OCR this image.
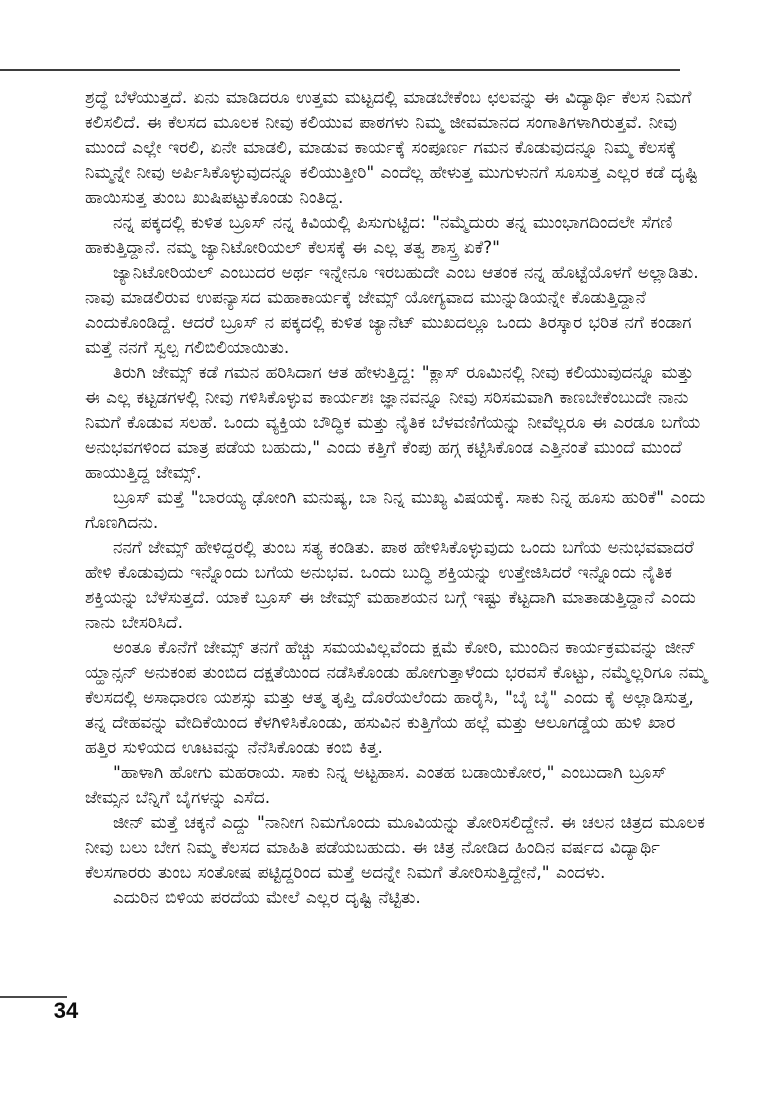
ಶ್ರದ್ಧೆ ಬೆಳೆಯುತ್ತದೆ. ಏನು ಮಾಡಿದರೂ ಉತ್ತಮ ಮಟ್ಟದಲ್ಲಿ ಮಾಡಬೇಕೆಂಬ ಛಲವನ್ನು ಈ ವಿದ್ಯಾರ್ಥಿ ಕೆಲಸ ನಿಮಗೆ ಕಲಿಸಲಿದೆ. ಈ ಕೆಲಸದ ಮೂಲಕ ನೀವು ಕಲಿಯುವ ಪಾಠಗಳು ನಿಮ್ಮ ಜೀವಮಾನದ ಸಂಗಾತಿಗಳಾಗಿರುತ್ತವೆ. ನೀವು ಮುಂದೆ ಎಲ್ಲೇ ಇರಲಿ, ಏನೇ ಮಾಡಲಿ, ಮಾಡುವ ಕಾರ್ಯಕ್ಕೆ ಸಂಪೂರ್ಣ ಗಮನ ಕೊಡುವುದನ್ನೂ ನಿಮ್ಮ ಕೆಲಸಕ್ಕೆ ನಿಮ್ಮನ್ನೇ ನೀವು ಅರ್ಪಿಸಿಕೊಳ್ಳುವುದನ್ನೂ ಕಲಿಯುತ್ತೀರಿ" ಎಂದೆಲ್ಲ ಹೇಳುತ್ತ ಮುಗುಳುನಗೆ ಸೂಸುತ್ತ ಎಲ್ಲರ ಕಡೆ ದೃಷ್ಟಿ ಹಾಯಿಸುತ್ತ ತುಂಬ ಖುಷಿಪಟ್ಟುಕೊಂಡು ನಿಂತಿದ್ದ.

ನನ್ನ ಪಕ್ಕದಲ್ಲಿ ಕುಳಿತ ಬ್ರೂಸ್ ನನ್ನ ಕಿವಿಯಲ್ಲಿ ಪಿಸುಗುಟ್ಟಿದ: "ನಮ್ಮೆದುರು ತನ್ನ ಮುಂಭಾಗದಿಂದಲೇ ಸೆಗಣಿ ಹಾಕುತ್ತಿದ್ದಾನೆ. ನಮ್ಮ ಜ್ಯಾನಿಟೋರಿಯಲ್ ಕೆಲಸಕ್ಕೆ ಈ ಎಲ್ಲ ತತ್ವ ಶಾಸ್ತ್ರ ಏಕೆ?"

ಜ್ಯಾನಿಟೋರಿಯಲ್ ಎಂಬುದರ ಅರ್ಥ ಇನ್ನೇನೂ ಇರಬಹುದೇ ಎಂಬ ಆತಂಕ ನನ್ನ ಹೊಟ್ಟೆಯೊಳಗೆ ಅಲ್ಲಾಡಿತು. ನಾವು ಮಾಡಲಿರುವ ಉಪನ್ಯಾಸದ ಮಹಾಕಾರ್ಯಕ್ಕೆ ಜೇಮ್ಸ್ ಯೋಗ್ಯವಾದ ಮುನ್ನುಡಿಯನ್ನೇ ಕೊಡುತ್ತಿದ್ದಾನೆ ಎಂದುಕೊಂಡಿದ್ದೆ. ಆದರೆ ಬ್ರೂಸ್ ನ ಪಕ್ಕದಲ್ಲಿ ಕುಳಿತ ಜ್ಯಾನೆಟ್ ಮುಖದಲ್ಲೂ ಒಂದು ತಿರಸ್ಕಾರ ಭರಿತ ನಗೆ ಕಂಡಾಗ ಮತ್ತೆ ನನಗೆ ಸ್ವಲ್ಪ ಗಲಿಬಿಲಿಯಾಯಿತು.

ತಿರುಗಿ ಜೇಮ್ಸ್ ಕಡೆ ಗಮನ ಹರಿಸಿದಾಗ ಆತ ಹೇಳುತ್ತಿದ್ದ: "ಕ್ಲಾಸ್ ರೂಮಿನಲ್ಲಿ ನೀವು ಕಲಿಯುವುದನ್ನೂ ಮತ್ತು ಈ ಎಲ್ಲ ಕಟ್ಟಡಗಳಲ್ಲಿ ನೀವು ಗಳಿಸಿಕೊಳ್ಳುವ ಕಾರ್ಯಶಃ ಜ್ಞಾನವನ್ನೂ ನೀವು ಸರಿಸಮವಾಗಿ ಕಾಣಬೇಕೆಂಬುದೇ ನಾನು ನಿಮಗೆ ಕೊಡುವ ಸಲಹೆ. ಒಂದು ವ್ಯಕ್ತಿಯ ಬೌದ್ಧಿಕ ಮತ್ತು ನೈತಿಕ ಬೆಳವಣಿಗೆಯನ್ನು ನೀವೆಲ್ಲರೂ ಈ ಎರಡೂ ಬಗೆಯ ಅನುಭವಗಳಿಂದ ಮಾತ್ರ ಪಡೆಯ ಬಹುದು," ಎಂದು ಕತ್ತಿಗೆ ಕೆಂಪು ಹಗ್ಗ ಕಟ್ಟಿಸಿಕೊಂಡ ಎತ್ತಿನಂತೆ ಮುಂದೆ ಮುಂದೆ ಹಾಯುತ್ತಿದ್ದ ಜೇಮ್ಸ್.

ಬ್ರೂಸ್ ಮತ್ತೆ "ಬಾರಯ್ಯ ಢೋಂಗಿ ಮನುಷ್ಯ, ಬಾ ನಿನ್ನ ಮುಖ್ಯ ವಿಷಯಕ್ಕೆ. ಸಾಕು ನಿನ್ನ ಹೂಸು ಹುರಿಕೆ" ಎಂದು ಗೊಣಗಿದನು.

ನನಗೆ ಜೇಮ್ಸ್ ಹೇಳಿದ್ದರಲ್ಲಿ ತುಂಬ ಸತ್ಯ ಕಂಡಿತು. ಪಾಠ ಹೇಳಿಸಿಕೊಳ್ಳುವುದು ಒಂದು ಬಗೆಯ ಅನುಭವವಾದರೆ ಹೇಳಿ ಕೊಡುವುದು ಇನ್ನೊಂದು ಬಗೆಯ ಅನುಭವ. ಒಂದು ಬುದ್ಧಿ ಶಕ್ತಿಯನ್ನು ಉತ್ತೇಜಿಸಿದರೆ ಇನ್ನೊಂದು ನೈತಿಕ ಶಕ್ತಿಯನ್ನು ಬೆಳೆಸುತ್ತದೆ. ಯಾಕೆ ಬ್ರೂಸ್ ಈ ಜೇಮ್ಸ್ ಮಹಾಶಯನ ಬಗ್ಗೆ ಇಷ್ಟು ಕೆಟ್ಟದಾಗಿ ಮಾತಾಡುತ್ತಿದ್ದಾನೆ ಎಂದು ನಾನು ಬೇಸರಿಸಿದೆ.

ಅಂತೂ ಕೊನೆಗೆ ಜೇಮ್ಸ್ ತನಗೆ ಹೆಚ್ಚು ಸಮಯವಿಲ್ಲವೆಂದು ಕ್ಷಮೆ ಕೋರಿ, ಮುಂದಿನ ಕಾರ್ಯಕ್ರಮವನ್ನು ಜೀನ್ ಯ್ಹಾನ್ಸನ್ ಅನುಕಂಪ ತುಂಬಿದ ದಕ್ಷತೆಯಿಂದ ನಡೆಸಿಕೊಂಡು ಹೋಗುತ್ತಾಳೆಂದು ಭರವಸೆ ಕೊಟ್ಟು, ನಮ್ಮೆಲ್ಲರಿಗೂ ನಮ್ಮ ಕೆಲಸದಲ್ಲಿ ಅಸಾಧಾರಣ ಯಶಸ್ಸು ಮತ್ತು ಆತ್ಮ ತೃಪ್ತಿ ದೊರೆಯಲೆಂದು ಹಾರೈಸಿ, "ಬೈ ಬೈ" ಎಂದು ಕೈ ಅಲ್ಲಾಡಿಸುತ್ತ, ತನ್ನ ದೇಹವನ್ನು ವೇದಿಕೆಯಿಂದ ಕೆಳಗಿಳಿಸಿಕೊಂಡು, ಹಸುವಿನ ಕುತ್ತಿಗೆಯ ಹಲ್ಲೆ ಮತ್ತು ಆಲೂಗಡ್ಡೆಯ ಹುಳಿ ಖಾರ ಹತ್ತಿರ ಸುಳಿಯದ ಊಟವನ್ನು ನೆನೆಸಿಕೊಂಡು ಕಂಬಿ ಕಿತ್ತ.

"ಹಾಳಾಗಿ ಹೋಗು ಮಹರಾಯ. ಸಾಕು ನಿನ್ನ ಅಟ್ಟಹಾಸ. ಎಂತಹ ಬಡಾಯಿಕೋರ," ಎಂಬುದಾಗಿ ಬ್ರೂಸ್ ಜೇಮ್ಸನ ಬೆನ್ನಿಗೆ ಬೈಗಳನ್ನು ಎಸೆದ.

ಜೀನ್ ಮತ್ತೆ ಚಕ್ಕನೆ ಎದ್ದು "ನಾನೀಗ ನಿಮಗೊಂದು ಮೂವಿಯನ್ನು ತೋರಿಸಲಿದ್ದೇನೆ. ಈ ಚಲನ ಚಿತ್ರದ ಮೂಲಕ ನೀವು ಬಲು ಬೇಗ ನಿಮ್ಮ ಕೆಲಸದ ಮಾಹಿತಿ ಪಡೆಯಬಹುದು. ಈ ಚಿತ್ರ ನೋಡಿದ ಹಿಂದಿನ ವರ್ಷದ ವಿದ್ಯಾರ್ಥಿ ಕೆಲಸಗಾರರು ತುಂಬ ಸಂತೋಷ ಪಟ್ಟಿದ್ದರಿಂದ ಮತ್ತೆ ಅದನ್ನೇ ನಿಮಗೆ ತೋರಿಸುತ್ತಿದ್ದೇನೆ," ಎಂದಳು.

ಎದುರಿನ ಬಿಳಿಯ ಪರದೆಯ ಮೇಲೆ ಎಲ್ಲರ ದೃಷ್ಟಿ ನೆಟ್ಟಿತು.

34
